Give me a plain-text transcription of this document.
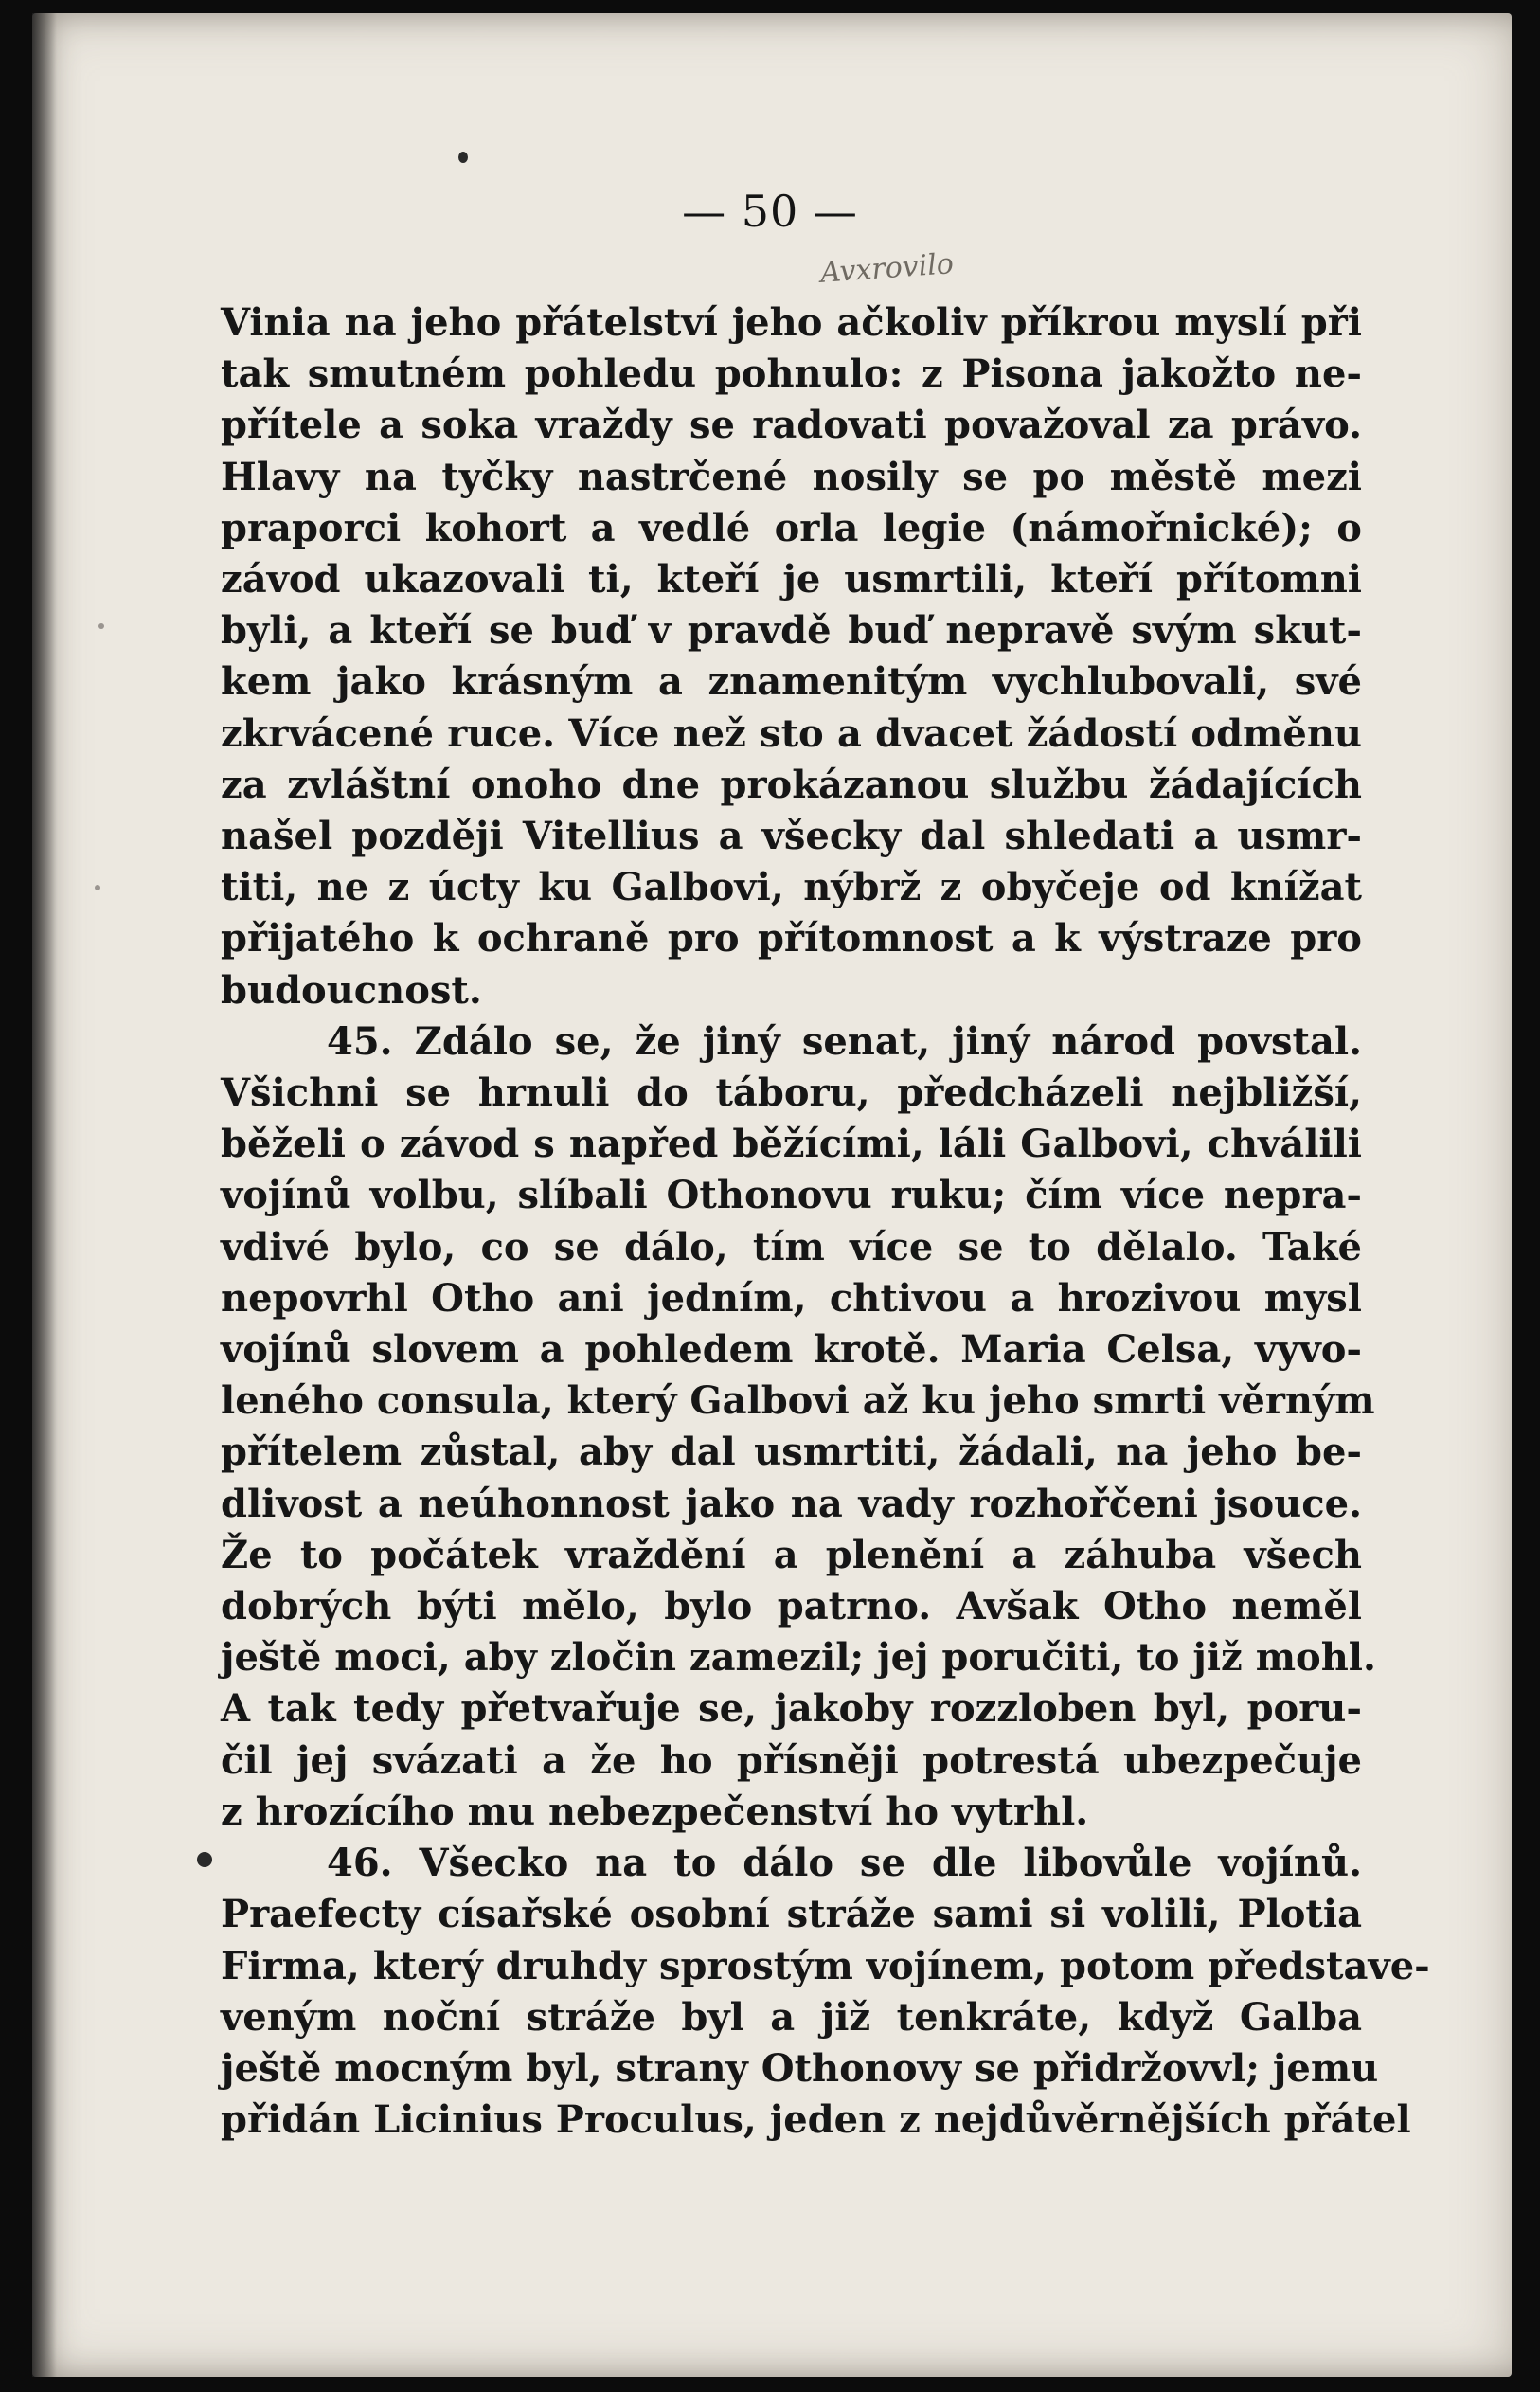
— 50 —
Avxrovilo
Vinia na jeho přátelství jeho ačkoliv příkrou myslí při
tak smutném pohledu pohnulo: z Pisona jakožto ne-
přítele a soka vraždy se radovati považoval za právo.
Hlavy na tyčky nastrčené nosily se po městě mezi
praporci kohort a vedlé orla legie (námořnické); o
závod ukazovali ti, kteří je usmrtili, kteří přítomni
byli, a kteří se buď v pravdě buď nepravě svým skut-
kem jako krásným a znamenitým vychlubovali, své
zkrvácené ruce. Více než sto a dvacet žádostí odměnu
za zvláštní onoho dne prokázanou službu žádajících
našel později Vitellius a všecky dal shledati a usmr-
titi, ne z úcty ku Galbovi, nýbrž z obyčeje od knížat
přijatého k ochraně pro přítomnost a k výstraze pro
budoucnost.
45. Zdálo se, že jiný senat, jiný národ povstal.
Všichni se hrnuli do táboru, předcházeli nejbližší,
běželi o závod s napřed běžícími, láli Galbovi, chválili
vojínů volbu, slíbali Othonovu ruku; čím více nepra-
vdivé bylo, co se dálo, tím více se to dělalo. Také
nepovrhl Otho ani jedním, chtivou a hrozivou mysl
vojínů slovem a pohledem krotě. Maria Celsa, vyvo-
leného consula, který Galbovi až ku jeho smrti věrným
přítelem zůstal, aby dal usmrtiti, žádali, na jeho be-
dlivost a neúhonnost jako na vady rozhořčeni jsouce.
Že to počátek vraždění a plenění a záhuba všech
dobrých býti mělo, bylo patrno. Avšak Otho neměl
ještě moci, aby zločin zamezil; jej poručiti, to již mohl.
A tak tedy přetvařuje se, jakoby rozzloben byl, poru-
čil jej svázati a že ho přísněji potrestá ubezpečuje
z hrozícího mu nebezpečenství ho vytrhl.
46. Všecko na to dálo se dle libovůle vojínů.
Praefecty císařské osobní stráže sami si volili, Plotia
Firma, který druhdy sprostým vojínem, potom představe-
veným noční stráže byl a již tenkráte, když Galba
ještě mocným byl, strany Othonovy se přidržovvl; jemu
přidán Licinius Proculus, jeden z nejdůvěrnějších přátel
